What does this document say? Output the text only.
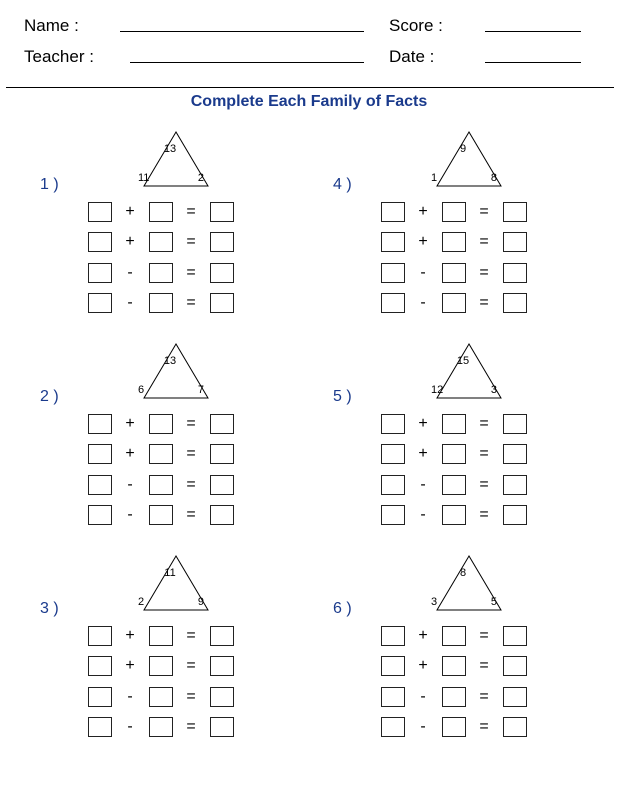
Name :
Teacher :
Score :
Date :
Complete Each Family of Facts
1 )
13
11	2
+	=
+	=
-	=
-	=
2 )
13
6	7
+	=
+	=
-	=
-	=
3 )
11
2	9
+	=
+	=
-	=
-	=
4 )
9
1	8
+	=
+	=
-	=
-	=
5 )
15
12	3
+	=
+	=
-	=
-	=
6 )
8
3	5
+	=
+	=
-	=
-	=
